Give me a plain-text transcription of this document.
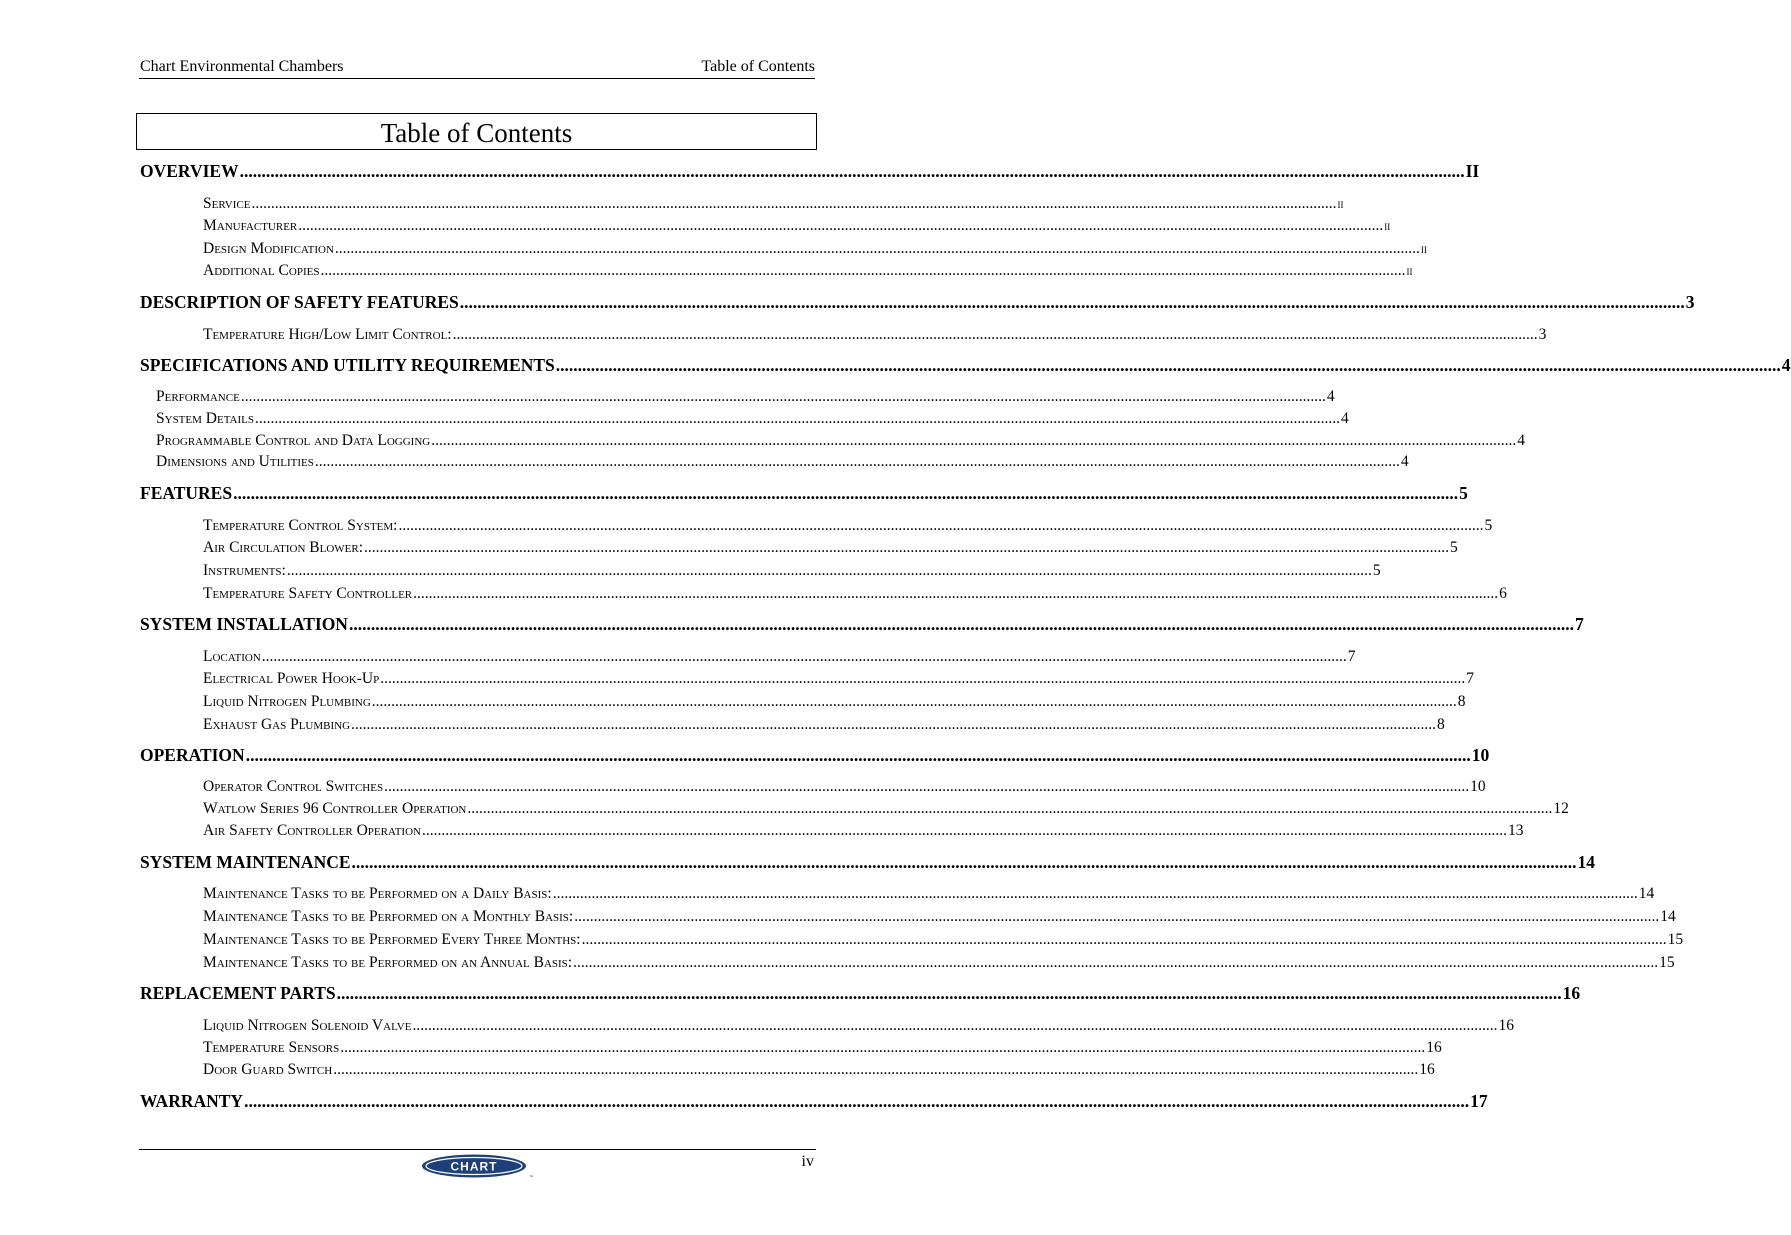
Chart Environmental Chambers	Table of Contents
Table of Contents
OVERVIEW .....	II
Service .....	ii
Manufacturer .....	ii
Design Modification .....	ii
Additional Copies .....	ii
DESCRIPTION OF SAFETY FEATURES .....	3
Temperature High/Low Limit Control: .....	3
SPECIFICATIONS AND UTILITY REQUIREMENTS .....	4
Performance .....	4
System Details .....	4
Programmable Control and Data Logging .....	4
Dimensions and Utilities .....	4
FEATURES .....	5
Temperature Control System: .....	5
Air Circulation Blower: .....	5
Instruments: .....	5
Temperature Safety Controller .....	6
SYSTEM INSTALLATION .....	7
Location .....	7
Electrical Power Hook-Up .....	7
Liquid Nitrogen Plumbing .....	8
Exhaust Gas Plumbing .....	8
OPERATION .....	10
Operator Control Switches .....	10
Watlow Series 96 Controller Operation .....	12
Air Safety Controller Operation .....	13
SYSTEM MAINTENANCE .....	14
Maintenance Tasks to be Performed on a Daily Basis: .....	14
Maintenance Tasks to be Performed on a Monthly Basis: .....	14
Maintenance Tasks to be Performed Every Three Months: .....	15
Maintenance Tasks to be Performed on an Annual Basis: .....	15
REPLACEMENT PARTS .....	16
Liquid Nitrogen Solenoid Valve .....	16
Temperature Sensors .....	16
Door Guard Switch .....	16
WARRANTY .....	17
CHART
™
iv
